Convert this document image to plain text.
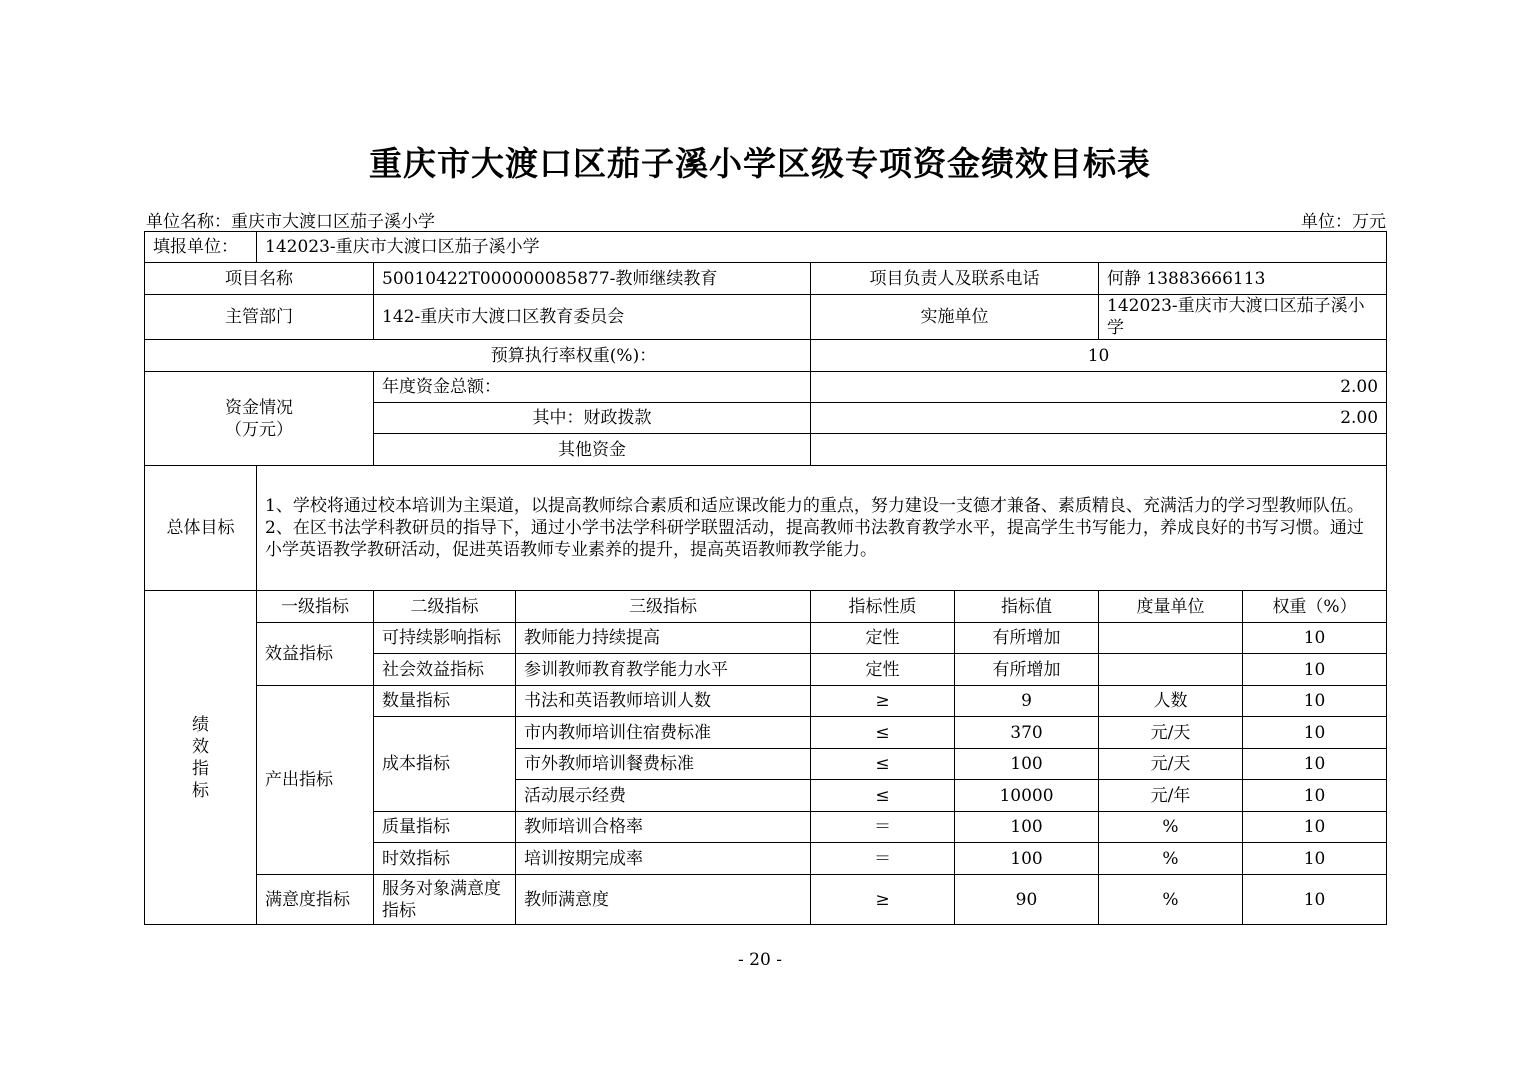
重庆市大渡口区茄子溪小学区级专项资金绩效目标表
单位名称：重庆市大渡口区茄子溪小学	单位：万元
填报单位：	142023-重庆市大渡口区茄子溪小学						
项目名称		50010422T000000085877-教师继续教育		项目负责人及联系电话		何静 13883666113	
主管部门		142-重庆市大渡口区教育委员会		实施单位		142023-重庆市大渡口区茄子溪小学	
预算执行率权重(%)：				10			

资金情况
（万元）		年度资金总额：		2.00			
		其中：财政拨款		2.00			
		其他资金					
总体目标	1、学校将通过校本培训为主渠道，以提高教师综合素质和适应课改能力的重点，努力建设一支德才兼备、素质精良、充满活力的学习型教师队伍。
2、在区书法学科教研员的指导下，通过小学书法学科研学联盟活动，提高教师书法教育教学水平，提高学生书写能力，养成良好的书写习惯。通过小学英语教学教研活动，促进英语教师专业素养的提升，提高英语教师教学能力。						

绩
效
指
标	一级指标	二级指标	三级指标	指标性质	指标值	度量单位	权重（%）
	效益指标	可持续影响指标	教师能力持续提高	定性	有所增加		10
		社会效益指标	参训教师教育教学能力水平	定性	有所增加		10
	产出指标	数量指标	书法和英语教师培训人数	≥	9	人数	10
		成本指标	市内教师培训住宿费标准	≤	370	元/天	10
			市外教师培训餐费标准	≤	100	元/天	10
			活动展示经费	≤	10000	元/年	10
		质量指标	教师培训合格率	＝	100	%	10
		时效指标	培训按期完成率	＝	100	%	10
	满意度指标	服务对象满意度指标	教师满意度	≥	90	%	10
- 20 -
